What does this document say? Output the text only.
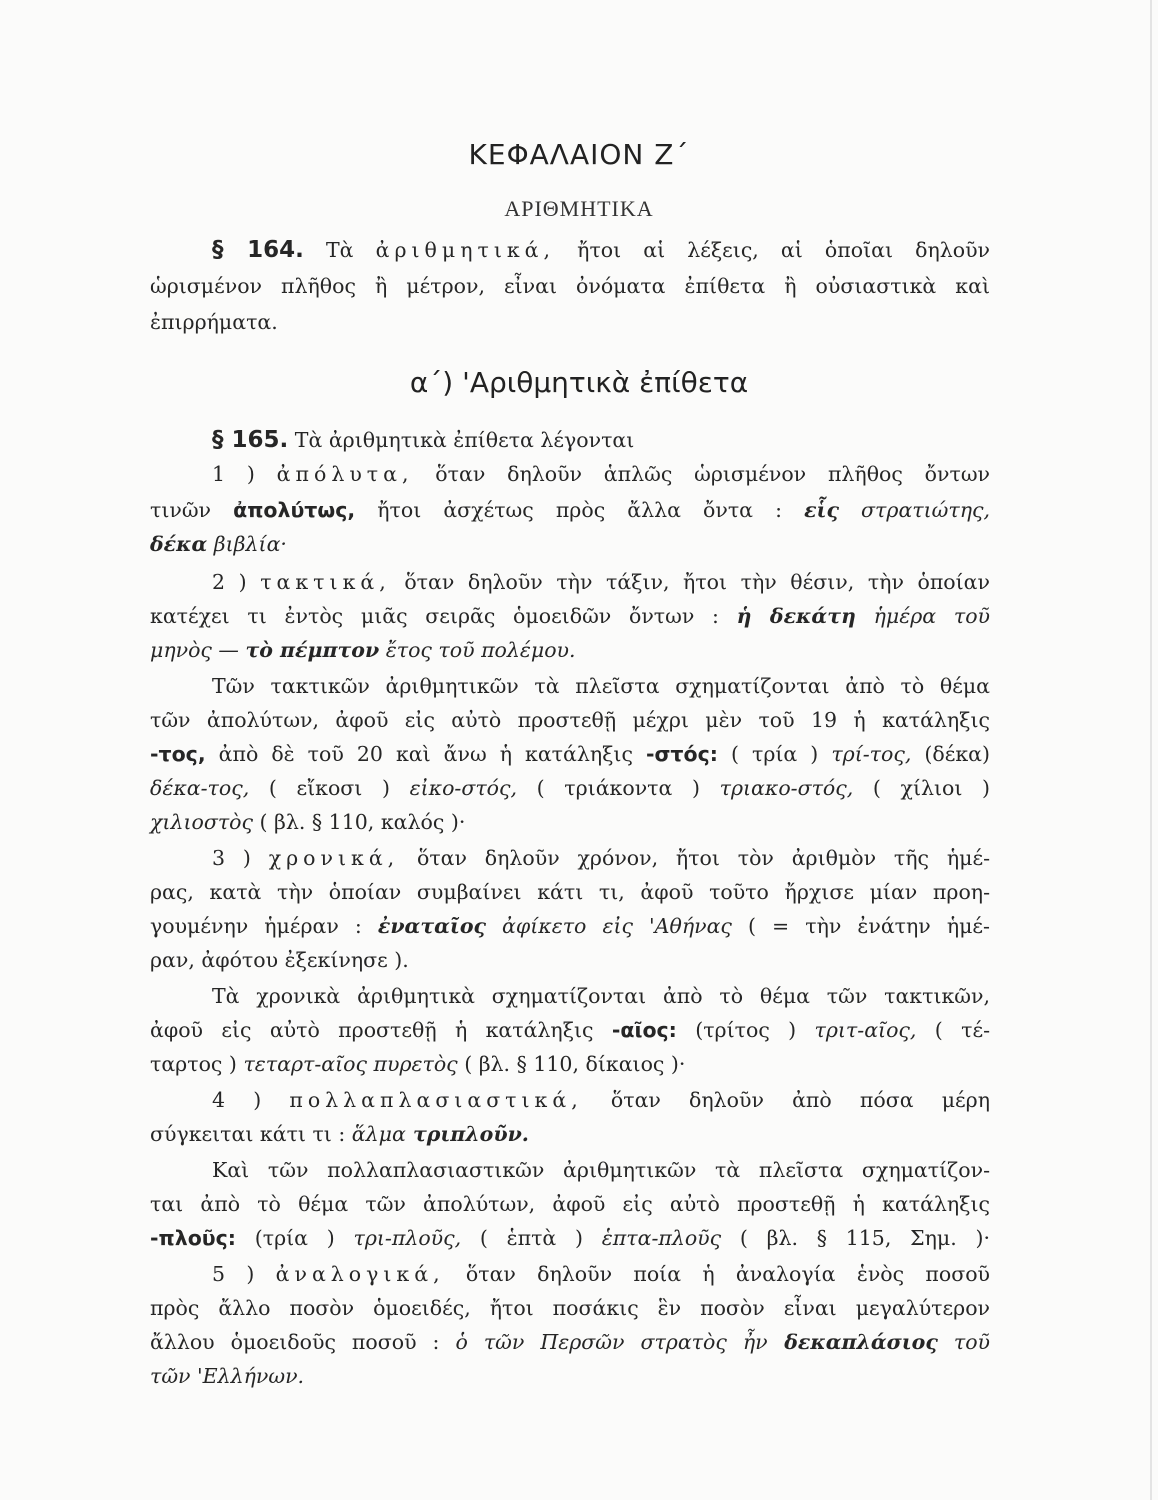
ΚΕΦΑΛΑΙΟΝ Ζ΄
ΑΡΙΘΜΗΤΙΚΑ
§ 164. Τὰ ἀριθμητικά, ἤτοι αἱ λέξεις, αἱ ὁποῖαι δηλοῦν
ὡρισμένον πλῆθος ἢ μέτρον, εἶναι ὀνόματα ἐπίθετα ἢ οὐσιαστικὰ καὶ
ἐπιρρήματα.
α΄) 'Αριθμητικὰ ἐπίθετα
§ 165. Τὰ ἀριθμητικὰ ἐπίθετα λέγονται
1 ) ἀπόλυτα, ὅταν δηλοῦν ἁπλῶς ὡρισμένον πλῆθος ὄντων
τινῶν ἀπολύτως, ἤτοι ἀσχέτως πρὸς ἄλλα ὄντα : εἷς στρατιώτης,
δέκα βιβλία·
2 ) τακτικά, ὅταν δηλοῦν τὴν τάξιν, ἤτοι τὴν θέσιν, τὴν ὁποίαν
κατέχει τι ἐντὸς μιᾶς σειρᾶς ὁμοειδῶν ὄντων : ἡ δεκάτη ἡμέρα τοῦ
μηνὸς — τὸ πέμπτον ἔτος τοῦ πολέμου.
Τῶν τακτικῶν ἀριθμητικῶν τὰ πλεῖστα σχηματίζονται ἀπὸ τὸ θέμα
τῶν ἀπολύτων, ἀφοῦ εἰς αὐτὸ προστεθῇ μέχρι μὲν τοῦ 19 ἡ κατάληξις
-τος, ἀπὸ δὲ τοῦ 20 καὶ ἄνω ἡ κατάληξις -στός: ( τρία ) τρί-τος, (δέκα)
δέκα-τος, ( εἴκοσι ) εἰκο-στός, ( τριάκοντα ) τριακο-στός, ( χίλιοι )
χιλιοστὸς ( βλ. § 110, καλός )·
3 ) χρονικά, ὅταν δηλοῦν χρόνον, ἤτοι τὸν ἀριθμὸν τῆς ἡμέ-
ρας, κατὰ τὴν ὁποίαν συμβαίνει κάτι τι, ἀφοῦ τοῦτο ἤρχισε μίαν προη-
γουμένην ἡμέραν : ἐναταῖος ἀφίκετο εἰς 'Αθήνας ( = τὴν ἐνάτην ἡμέ-
ραν, ἀφότου ἐξεκίνησε ).
Τὰ χρονικὰ ἀριθμητικὰ σχηματίζονται ἀπὸ τὸ θέμα τῶν τακτικῶν,
ἀφοῦ εἰς αὐτὸ προστεθῇ ἡ κατάληξις -αῖος: (τρίτος ) τριτ-αῖος, ( τέ-
ταρτος ) τεταρτ-αῖος πυρετὸς ( βλ. § 110, δίκαιος )·
4 ) πολλαπλασιαστικά, ὅταν δηλοῦν ἀπὸ πόσα μέρη
σύγκειται κάτι τι : ἅλμα τριπλοῦν.
Καὶ τῶν πολλαπλασιαστικῶν ἀριθμητικῶν τὰ πλεῖστα σχηματίζον-
ται ἀπὸ τὸ θέμα τῶν ἀπολύτων, ἀφοῦ εἰς αὐτὸ προστεθῇ ἡ κατάληξις
-πλοῦς: (τρία ) τρι-πλοῦς, ( ἑπτὰ ) ἑπτα-πλοῦς ( βλ. § 115, Σημ. )·
5 ) ἀναλογικά, ὅταν δηλοῦν ποία ἡ ἀναλογία ἑνὸς ποσοῦ
πρὸς ἄλλο ποσὸν ὁμοειδές, ἤτοι ποσάκις ἓν ποσὸν εἶναι μεγαλύτερον
ἄλλου ὁμοειδοῦς ποσοῦ : ὁ τῶν Περσῶν στρατὸς ἦν δεκαπλάσιος τοῦ
τῶν 'Ελλήνων.
